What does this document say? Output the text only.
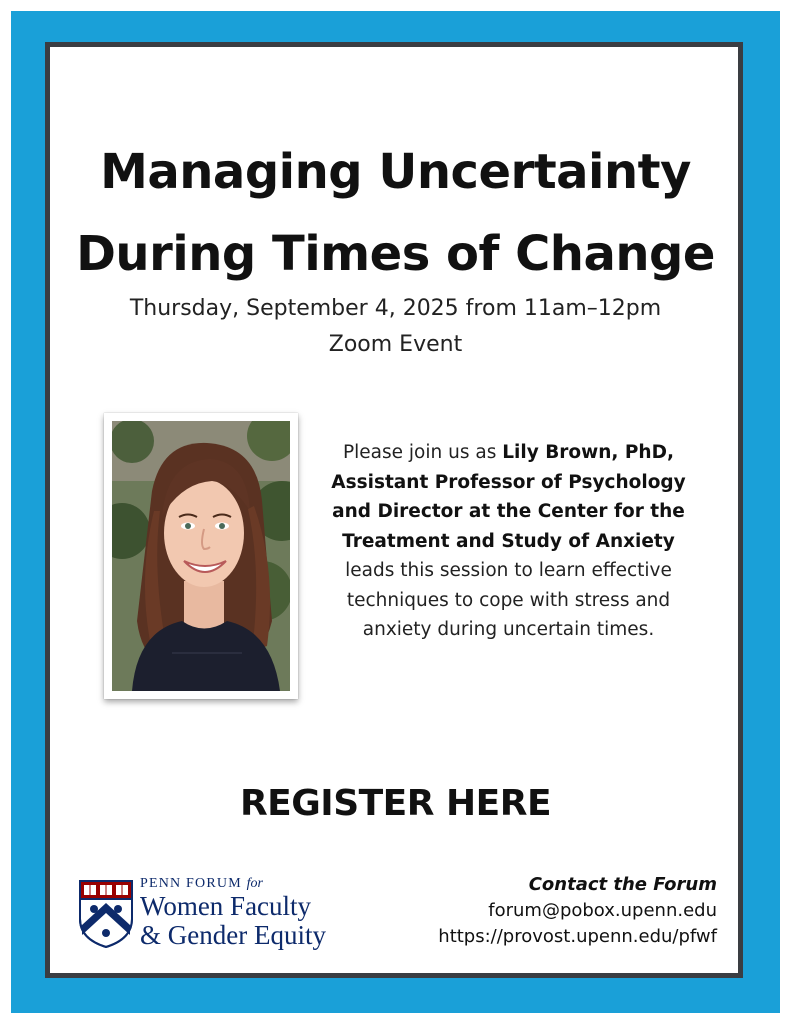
Managing Uncertainty
During Times of Change
Thursday, September 4, 2025 from 11am–12pm
Zoom Event
Please join us as Lily Brown, PhD, Assistant Professor of Psychology and Director at the Center for the Treatment and Study of Anxiety leads this session to learn effective techniques to cope with stress and anxiety during uncertain times.
REGISTER HERE
PENN FORUM for
Women Faculty
& Gender Equity
Contact the Forum
forum@pobox.upenn.edu
https://provost.upenn.edu/pfwf
